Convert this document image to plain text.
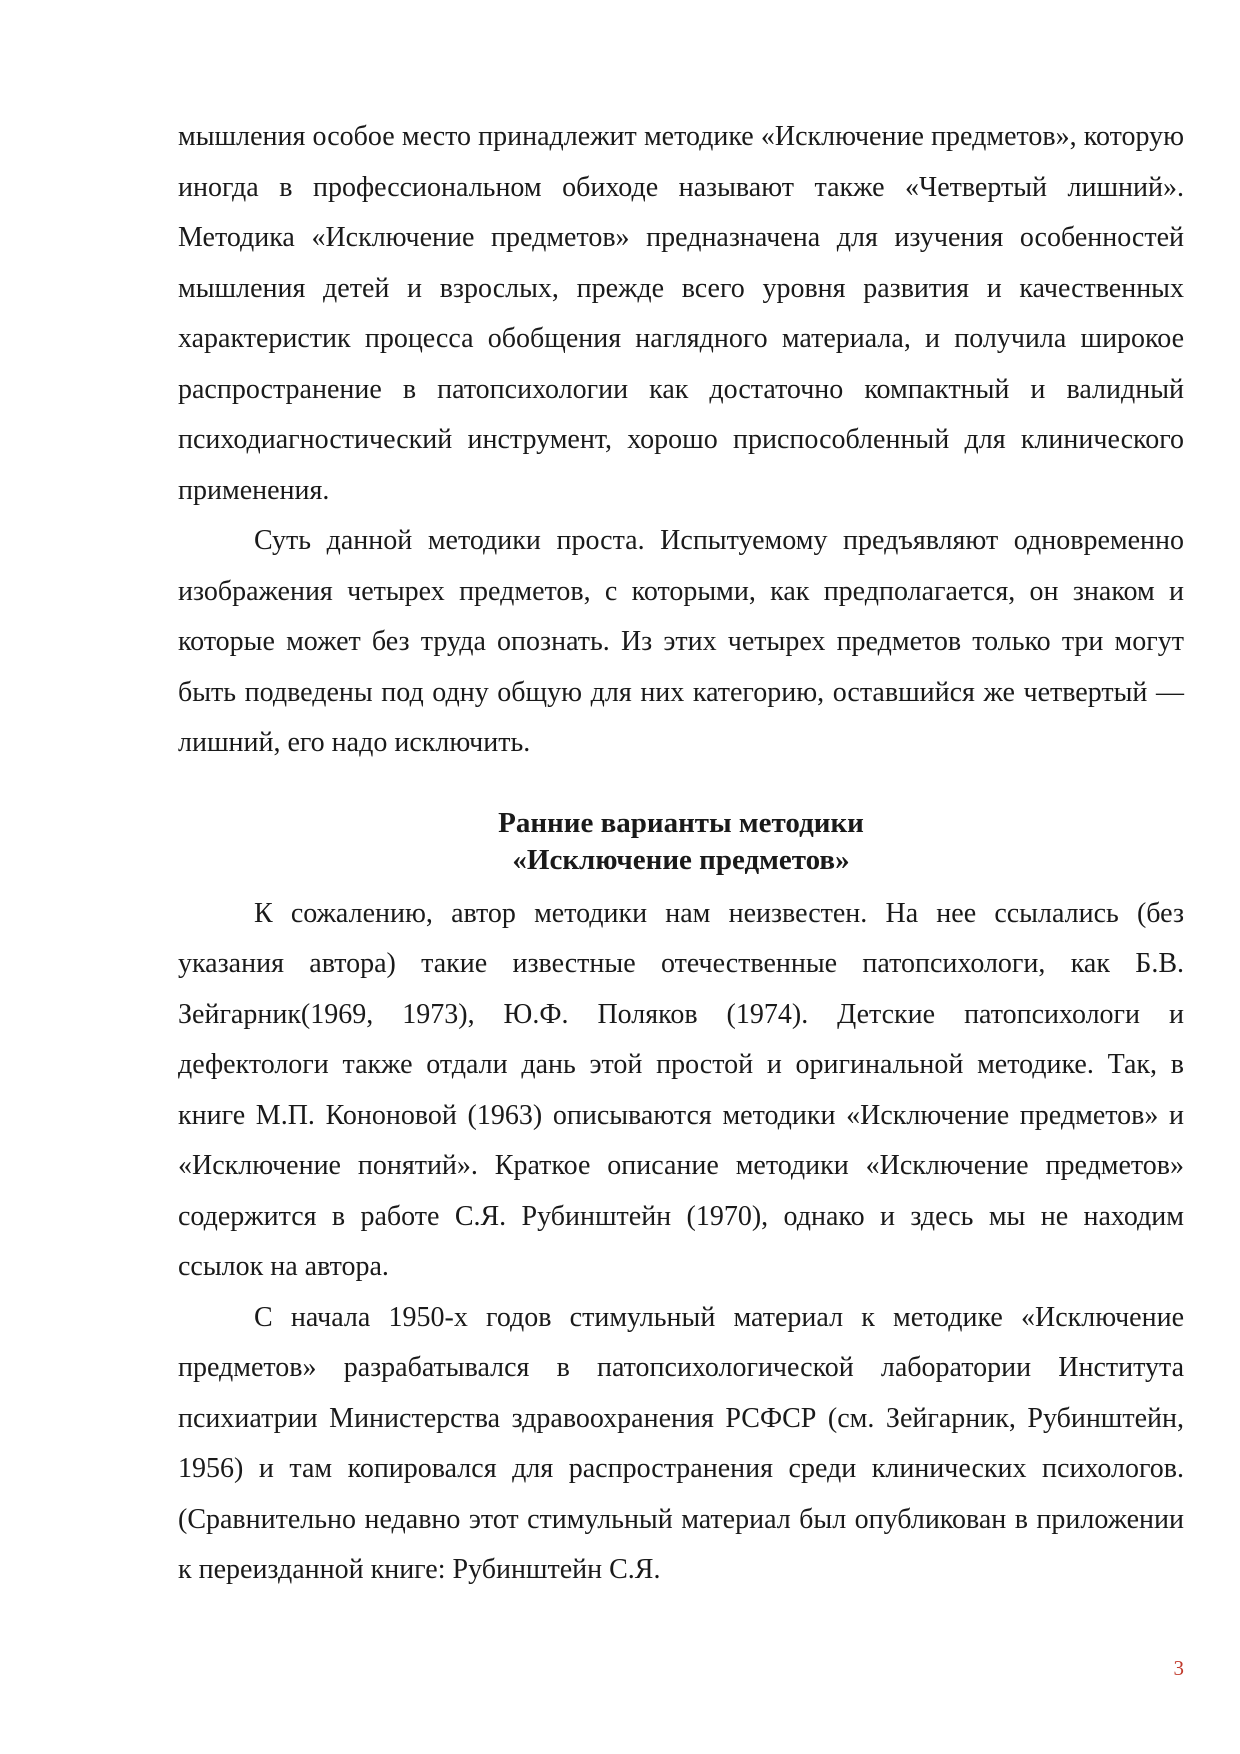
мышления особое место принадлежит методике «Исключение предметов», которую иногда в профессиональном обиходе называют также «Четвертый лишний». Методика «Исключение предметов» предназначена для изучения особенностей мышления детей и взрослых, прежде всего уровня развития и качественных характеристик процесса обобщения наглядного материала, и получила широкое распространение в патопсихологии как достаточно компактный и валидный психодиагностический инструмент, хорошо приспособленный для клинического применения.

Суть данной методики проста. Испытуемому предъявляют одновременно изображения четырех предметов, с которыми, как предполагается, он знаком и которые может без труда опознать. Из этих четырех предметов только три могут быть подведены под одну общую для них категорию, оставшийся же четвертый — лишний, его надо исключить.

Ранние варианты методики
«Исключение предметов»

К сожалению, автор методики нам неизвестен. На нее ссылались (без указания автора) такие известные отечественные патопсихологи, как Б.В. Зейгарник(1969, 1973), Ю.Ф. Поляков (1974). Детские патопсихологи и дефектологи также отдали дань этой простой и оригинальной методике. Так, в книге М.П. Кононовой (1963) описываются методики «Исключение предметов» и «Исключение понятий». Краткое описание методики «Исключение предметов» содержится в работе С.Я. Рубинштейн (1970), однако и здесь мы не находим ссылок на автора.

С начала 1950-х годов стимульный материал к методике «Исключение предметов» разрабатывался в патопсихологической лаборатории Института психиатрии Министерства здравоохранения РСФСР (см. Зейгарник, Рубинштейн, 1956) и там копировался для распространения среди клинических психологов. (Сравнительно недавно этот стимульный материал был опубликован в приложении к переизданной книге: Рубинштейн С.Я.

3
